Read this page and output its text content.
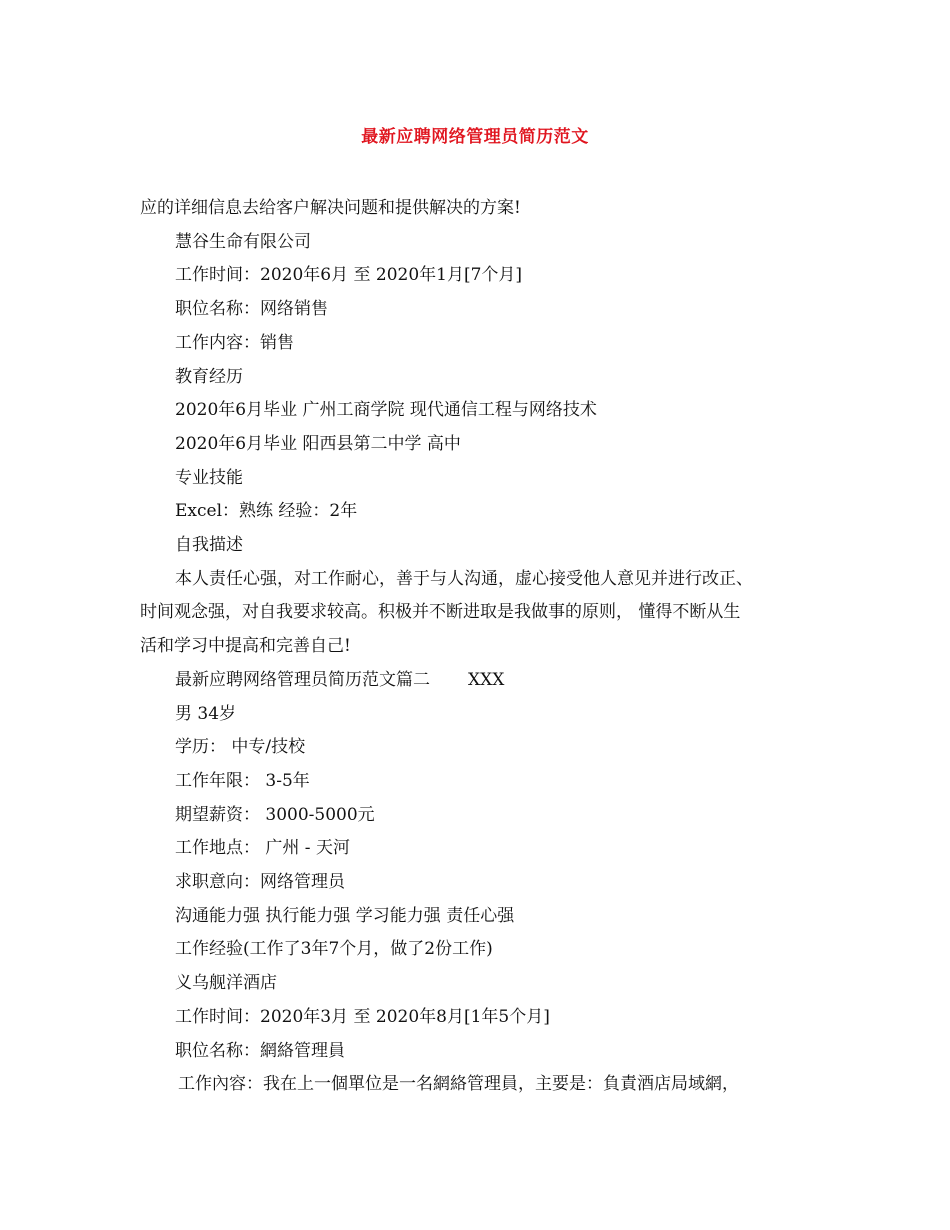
最新应聘网络管理员简历范文

应的详细信息去给客户解决问题和提供解决的方案!

慧谷生命有限公司

工作时间：2020年6月 至 2020年1月[7个月]

职位名称：网络销售

工作内容：销售

教育经历

2020年6月毕业 广州工商学院 现代通信工程与网络技术

2020年6月毕业 阳西县第二中学 高中

专业技能

Excel：熟练 经验：2年

自我描述

本人责任心强，对工作耐心，善于与人沟通，虚心接受他人意见并进行改正、

时间观念强，对自我要求较高。积极并不断进取是我做事的原则， 懂得不断从生

活和学习中提高和完善自己!

最新应聘网络管理员简历范文篇二 XXX

男 34岁

学历： 中专/技校

工作年限： 3-5年

期望薪资： 3000-5000元

工作地点： 广州 - 天河

求职意向：网络管理员

沟通能力强 执行能力强 学习能力强 责任心强

工作经验(工作了3年7个月，做了2份工作)

义乌舰洋酒店

工作时间：2020年3月 至 2020年8月[1年5个月]

职位名称：網絡管理員

工作內容：我在上一個單位是一名網絡管理員，主要是：負責酒店局域網，
